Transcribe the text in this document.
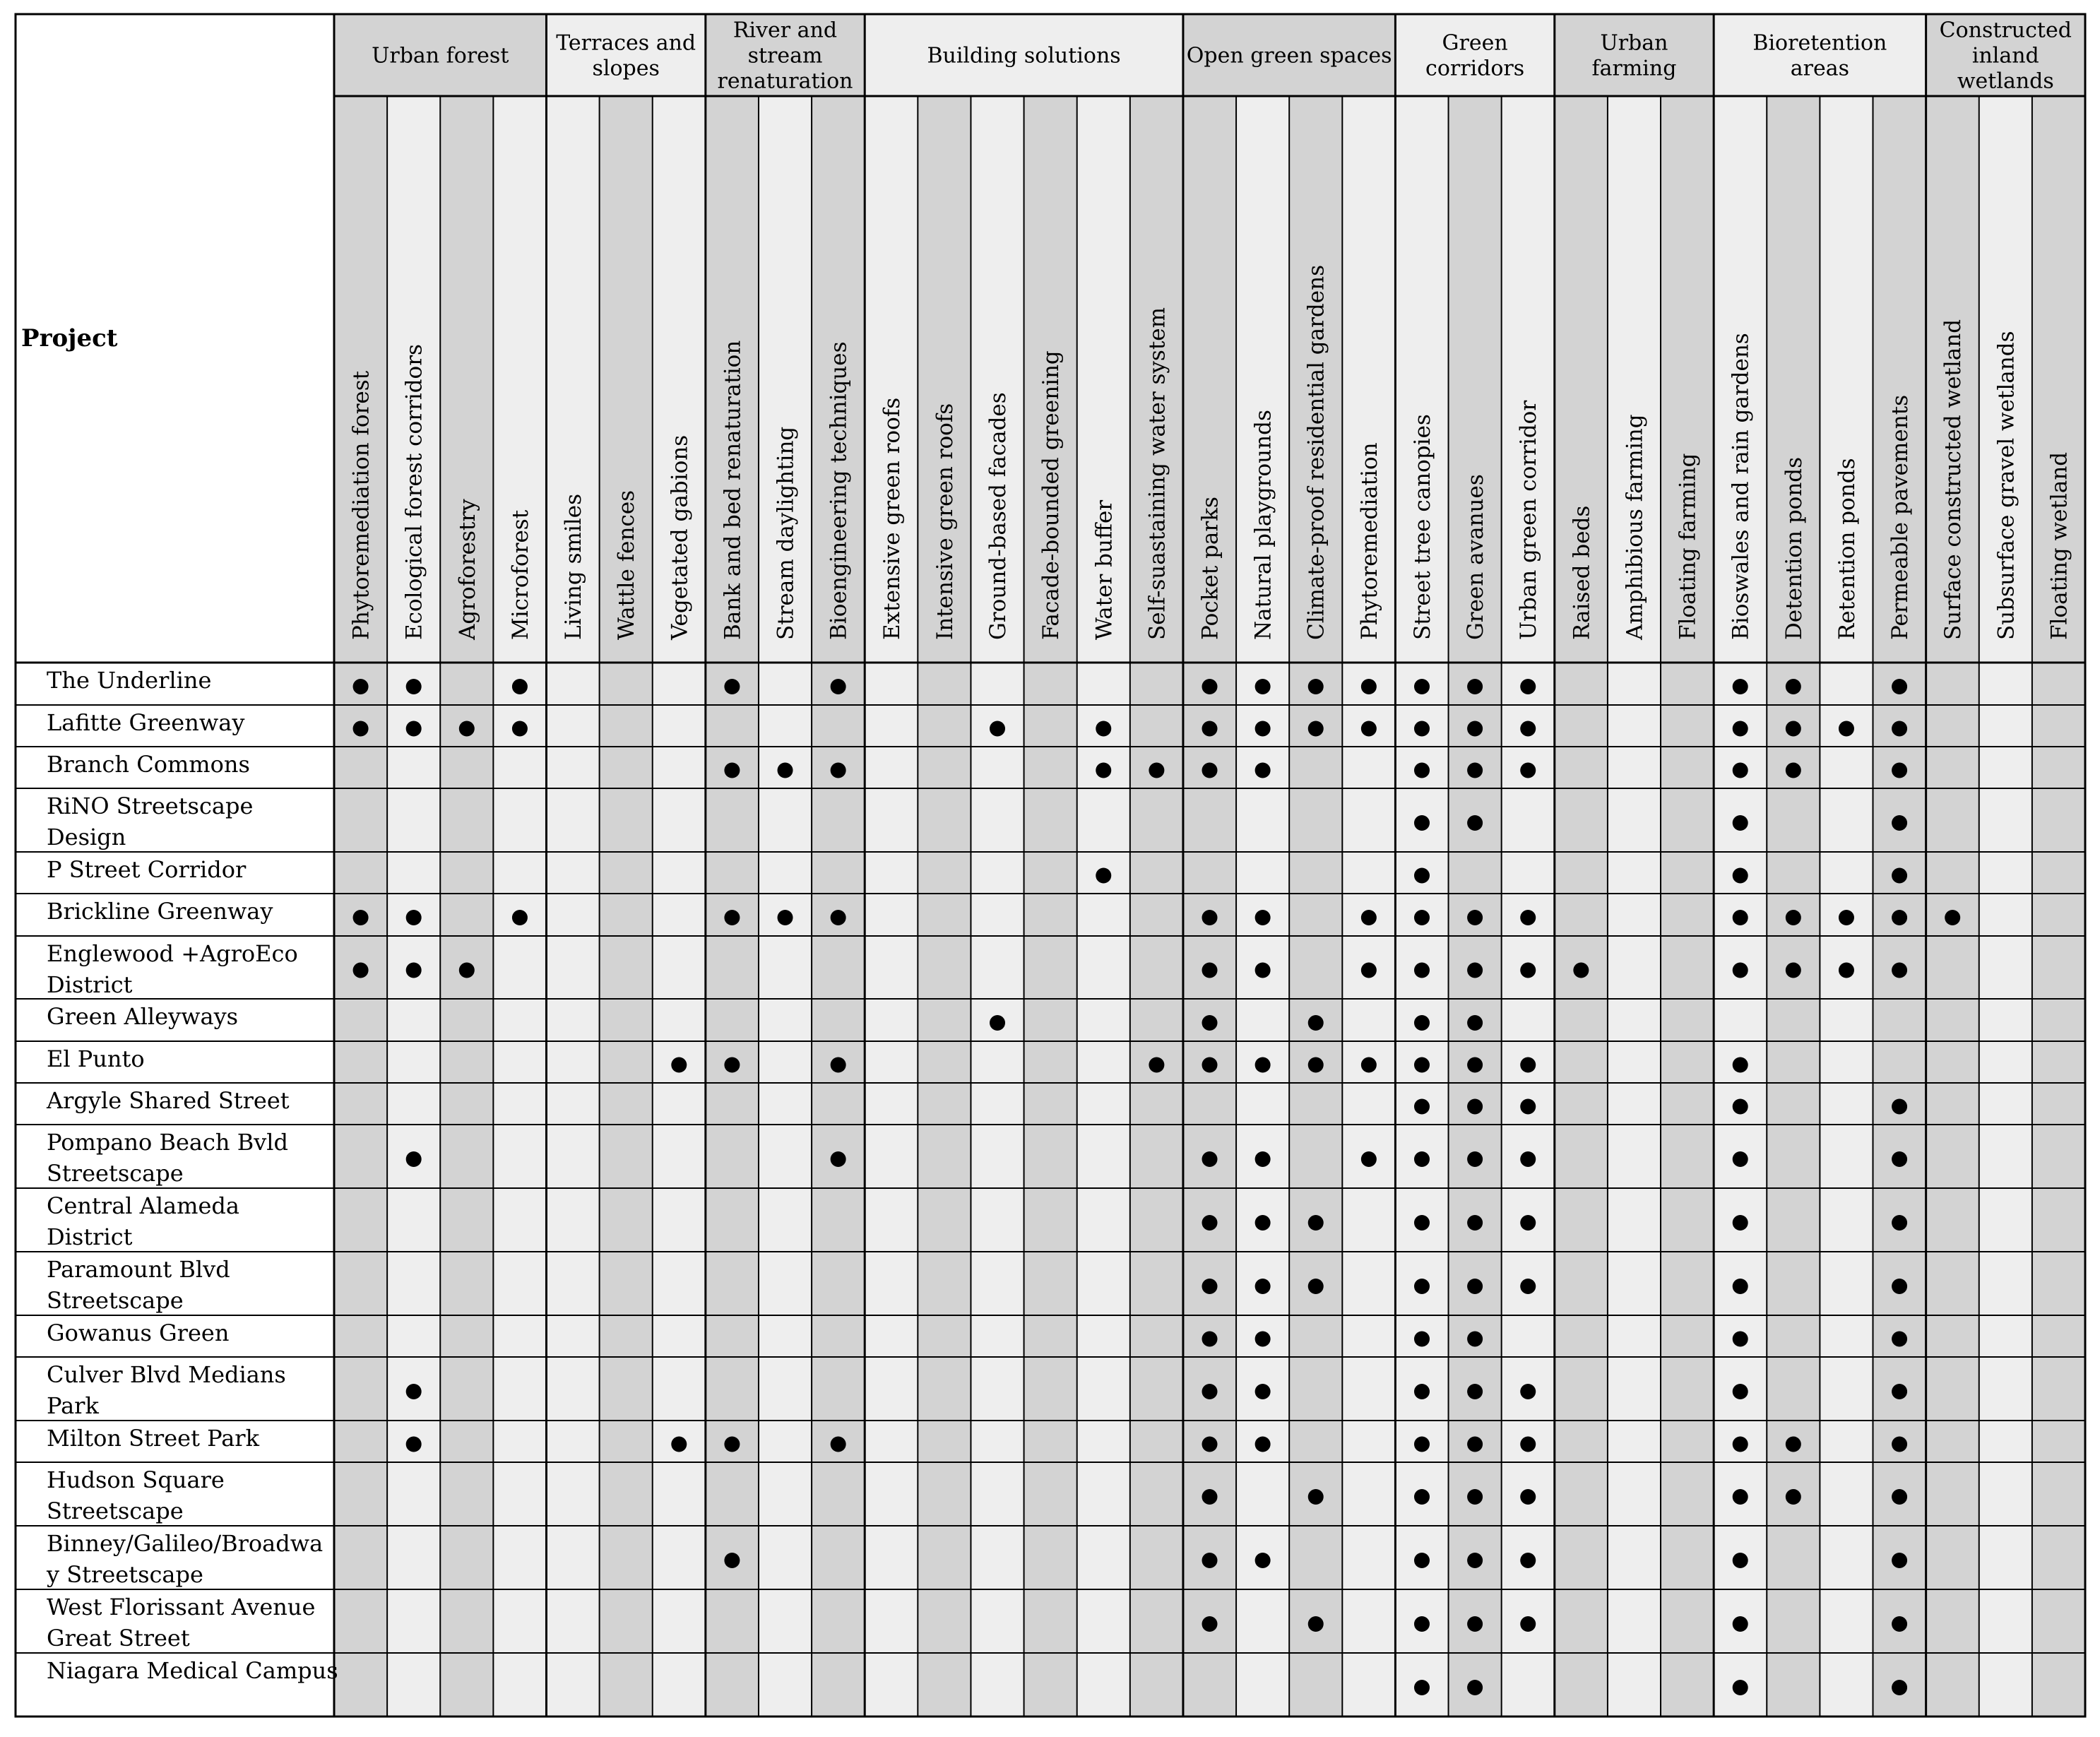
Project
Urban forest
Terraces and slopes
River and stream renaturation
Building solutions	Open green spaces
Green corridors
Urban farming
Bioretention areas
Constructed inland wetlands
Phytoremediation forest Ecological forest corridors Agroforestry Microforest Living smiles Wattle fences Vegetated gabions Bank and bed renaturation Stream daylighting Bioengineering techniques Extensive green roofs Intensive green roofs Ground-based facades Facade-bounded greening Water buffer Self-suastaining water system Pocket parks Natural playgrounds Climate-proof residential gardens Phytoremediation Street tree canopies Green avanues Urban green corridor Raised beds Amphibious farming Floating farming Bioswales and rain gardens Detention ponds Retention ponds Permeable pavements Surface constructed wetland Subsurface gravel wetlands Floating wetland
The Underline
Lafitte Greenway
Branch Commons
RiNO Streetscape Design
P Street Corridor
Brickline Greenway
Englewood +AgroEco District
Green Alleyways
El Punto
Argyle Shared Street
Pompano Beach Bvld Streetscape
Central Alameda District
Paramount Blvd Streetscape
Gowanus Green
Culver Blvd Medians Park
Milton Street Park
Hudson Square Streetscape
Binney/Galileo/Broadwa y Streetscape
West Florissant Avenue Great Street
Niagara Medical Campus
